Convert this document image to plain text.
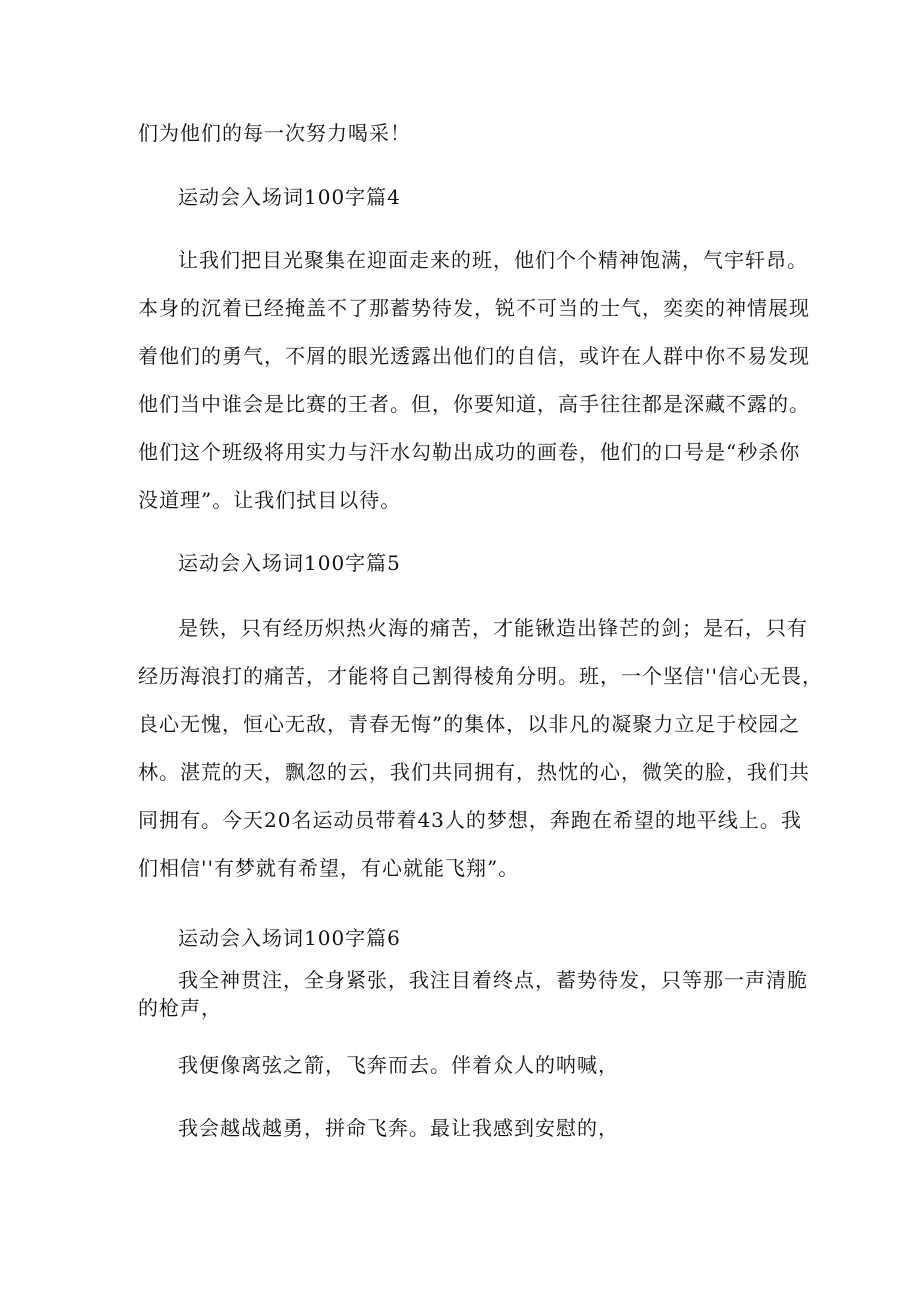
们为他们的每一次努力喝采！
运动会入场词100字篇4
让我们把目光聚集在迎面走来的班，他们个个精神饱满，气宇轩昂。
本身的沉着已经掩盖不了那蓄势待发，锐不可当的士气，奕奕的神情展现
着他们的勇气，不屑的眼光透露出他们的自信，或许在人群中你不易发现
他们当中谁会是比赛的王者。但，你要知道，高手往往都是深藏不露的。
他们这个班级将用实力与汗水勾勒出成功的画卷，他们的口号是“秒杀你
没道理”。让我们拭目以待。
运动会入场词100字篇5
是铁，只有经历炽热火海的痛苦，才能锹造出锋芒的剑；是石，只有
经历海浪打的痛苦，才能将自己割得棱角分明。班，一个坚信''信心无畏，
良心无愧，恒心无敌，青春无悔”的集体，以非凡的凝聚力立足于校园之
林。湛荒的天，飘忽的云，我们共同拥有，热忱的心，微笑的脸，我们共
同拥有。今天20名运动员带着43人的梦想，奔跑在希望的地平线上。我
们相信''有梦就有希望，有心就能飞翔”。
运动会入场词100字篇6
我全神贯注，全身紧张，我注目着终点，蓄势待发，只等那一声清脆
的枪声，
我便像离弦之箭，飞奔而去。伴着众人的呐喊，
我会越战越勇，拼命飞奔。最让我感到安慰的，
